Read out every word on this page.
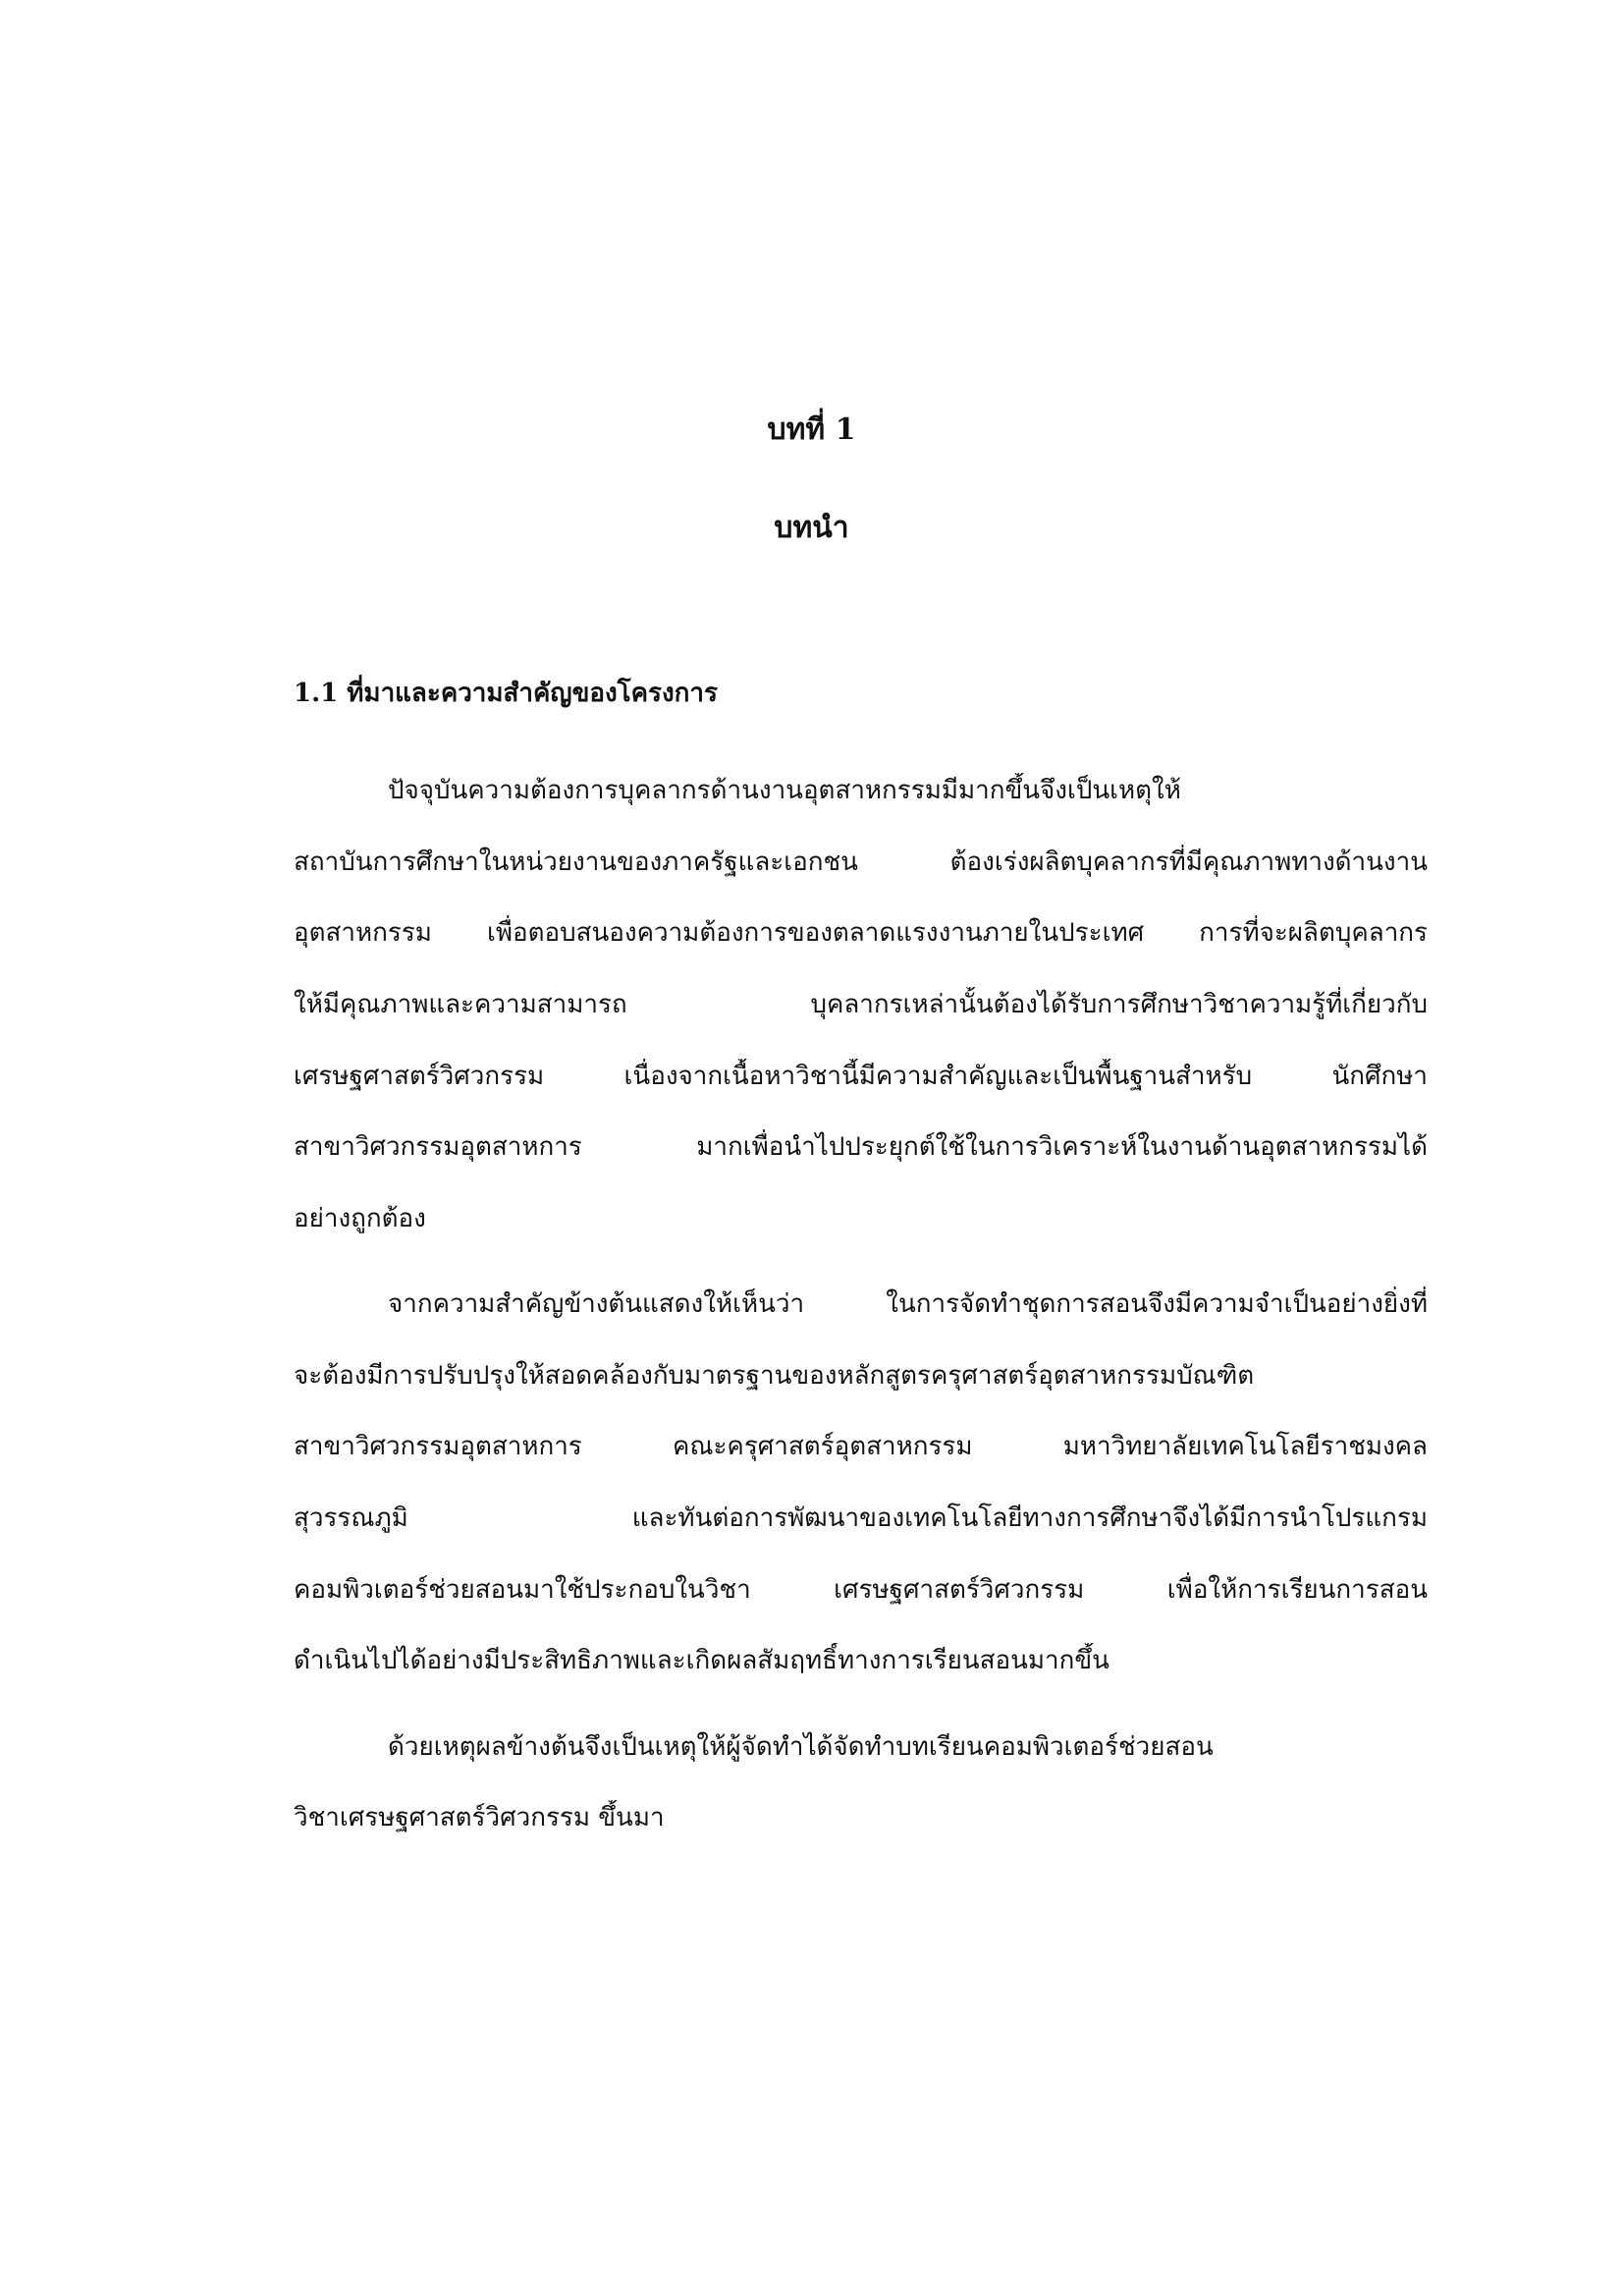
บทที่ 1
บทนำ
1.1 ที่มาและความสำคัญของโครงการ
ปัจจุบันความต้องการบุคลากรด้านงานอุตสาหกรรมมีมากขึ้นจึงเป็นเหตุให้
สถาบันการศึกษาในหน่วยงานของภาครัฐและเอกชน ต้องเร่งผลิตบุคลากรที่มีคุณภาพทางด้านงาน
อุตสาหกรรม เพื่อตอบสนองความต้องการของตลาดแรงงานภายในประเทศ การที่จะผลิตบุคลากร
ให้มีคุณภาพและความสามารถ บุคลากรเหล่านั้นต้องได้รับการศึกษาวิชาความรู้ที่เกี่ยวกับ
เศรษฐศาสตร์วิศวกรรม เนื่องจากเนื้อหาวิชานี้มีความสำคัญและเป็นพื้นฐานสำหรับ นักศึกษา
สาขาวิศวกรรมอุตสาหการ มากเพื่อนำไปประยุกต์ใช้ในการวิเคราะห์ในงานด้านอุตสาหกรรมได้
อย่างถูกต้อง
จากความสำคัญข้างต้นแสดงให้เห็นว่า ในการจัดทำชุดการสอนจึงมีความจำเป็นอย่างยิ่งที่
จะต้องมีการปรับปรุงให้สอดคล้องกับมาตรฐานของหลักสูตรครุศาสตร์อุตสาหกรรมบัณฑิต
สาขาวิศวกรรมอุตสาหการ คณะครุศาสตร์อุตสาหกรรม มหาวิทยาลัยเทคโนโลยีราชมงคล
สุวรรณภูมิ และทันต่อการพัฒนาของเทคโนโลยีทางการศึกษาจึงได้มีการนำโปรแกรม
คอมพิวเตอร์ช่วยสอนมาใช้ประกอบในวิชา เศรษฐศาสตร์วิศวกรรม เพื่อให้การเรียนการสอน
ดำเนินไปได้อย่างมีประสิทธิภาพและเกิดผลสัมฤทธิ์ทางการเรียนสอนมากขึ้น
ด้วยเหตุผลข้างต้นจึงเป็นเหตุให้ผู้จัดทำได้จัดทำบทเรียนคอมพิวเตอร์ช่วยสอน
วิชาเศรษฐศาสตร์วิศวกรรม ขึ้นมา
